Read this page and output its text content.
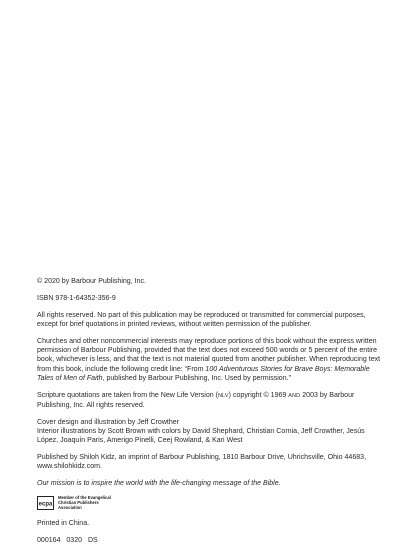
© 2020 by Barbour Publishing, Inc.

ISBN 978-1-64352-356-9

All rights reserved. No part of this publication may be reproduced or transmitted for commercial purposes, except for brief quotations in printed reviews, without written permission of the publisher.

Churches and other noncommercial interests may reproduce portions of this book without the express written permission of Barbour Publishing, provided that the text does not exceed 500 words or 5 percent of the entire book, whichever is less, and that the text is not material quoted from another publisher. When reproducing text from this book, include the following credit line: “From 100 Adventurous Stories for Brave Boys: Memorable Tales of Men of Faith, published by Barbour Publishing, Inc. Used by permission.”

Scripture quotations are taken from the New Life Version (NLV) copyright © 1969 AND 2003 by Barbour Publishing, Inc. All rights reserved.

Cover design and illustration by Jeff Crowther
Interior illustrations by Scott Brown with colors by David Shephard, Christian Cornia, Jeff Crowther, Jesús López, Joaquín Paris, Amerigo Pinelli, Ceej Rowland, & Kari West

Published by Shiloh Kidz, an imprint of Barbour Publishing, 1810 Barbour Drive, Uhrichsville, Ohio 44683, www.shilohkidz.com.

Our mission is to inspire the world with the life-changing message of the Bible.

ecpa
Member of the Evangelical Christian Publishers Association

Printed in China.

000164   0320   DS
